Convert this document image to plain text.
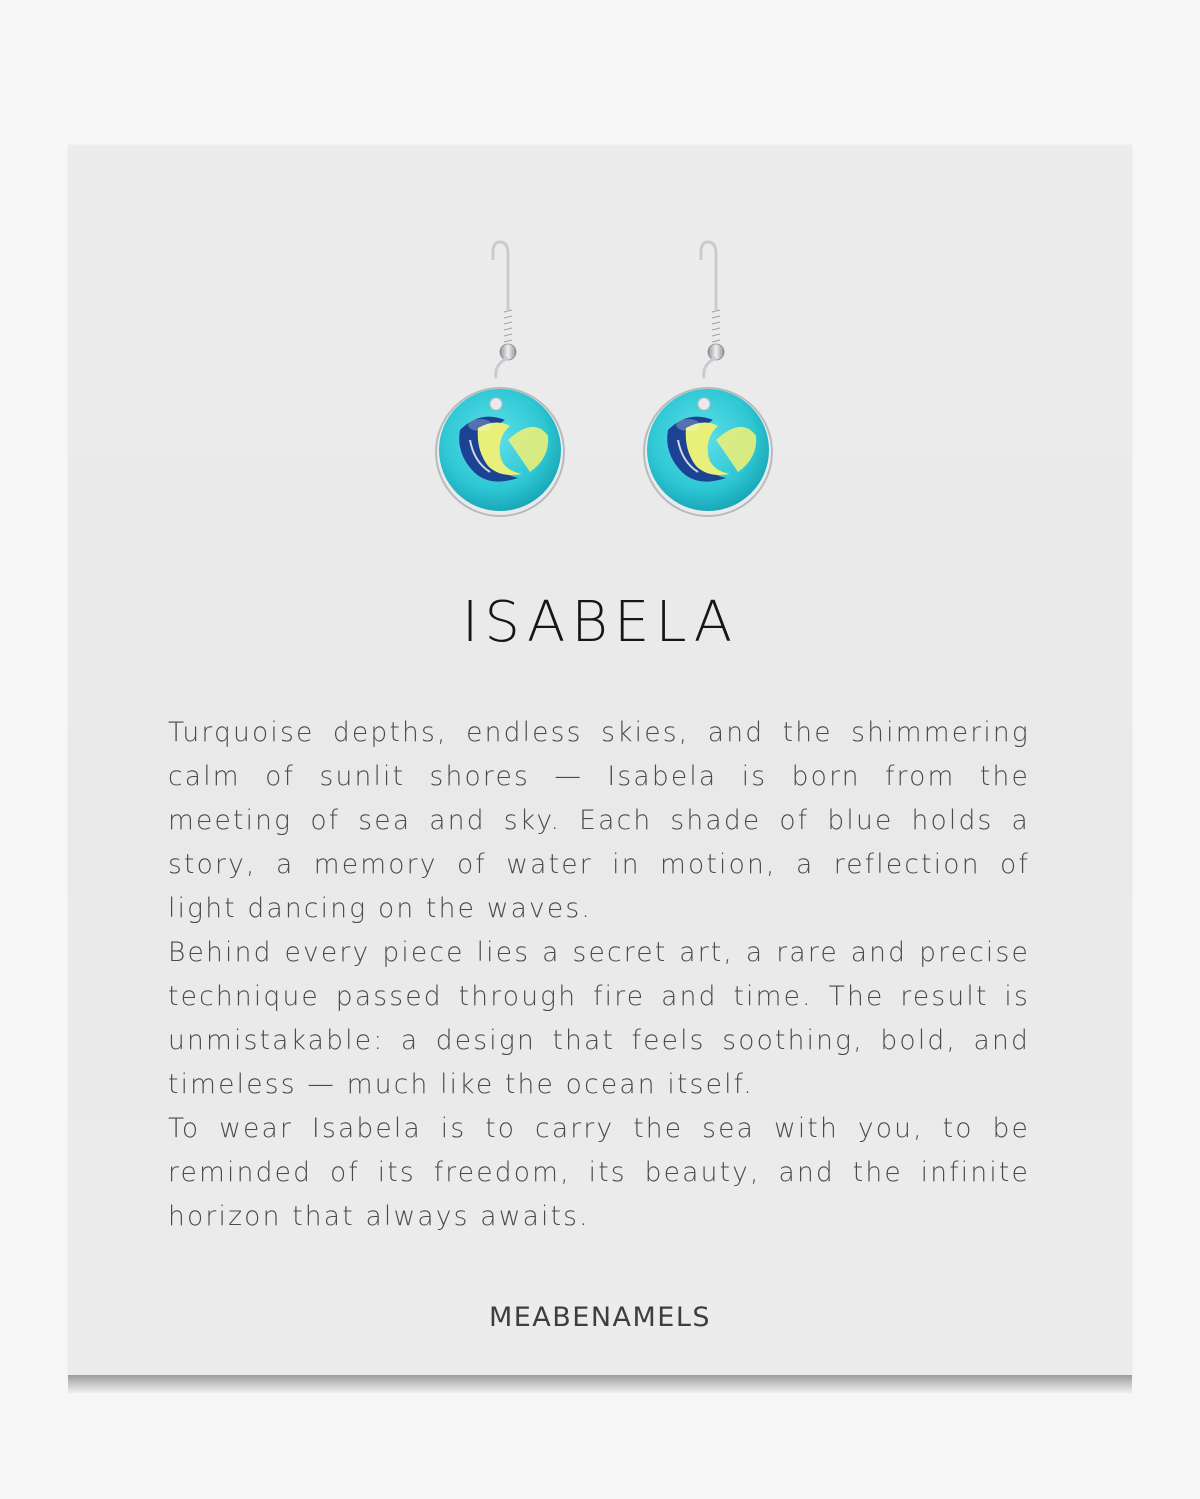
ISABELA

Turquoise depths, endless skies, and the shimmering calm of sunlit shores — Isabela is born from the meeting of sea and sky. Each shade of blue holds a story, a memory of water in motion, a reflection of light dancing on the waves.

Behind every piece lies a secret art, a rare and precise technique passed through fire and time. The result is unmistakable: a design that feels soothing, bold, and timeless — much like the ocean itself.

To wear Isabela is to carry the sea with you, to be reminded of its freedom, its beauty, and the infinite horizon that always awaits.

MEABENAMELS
